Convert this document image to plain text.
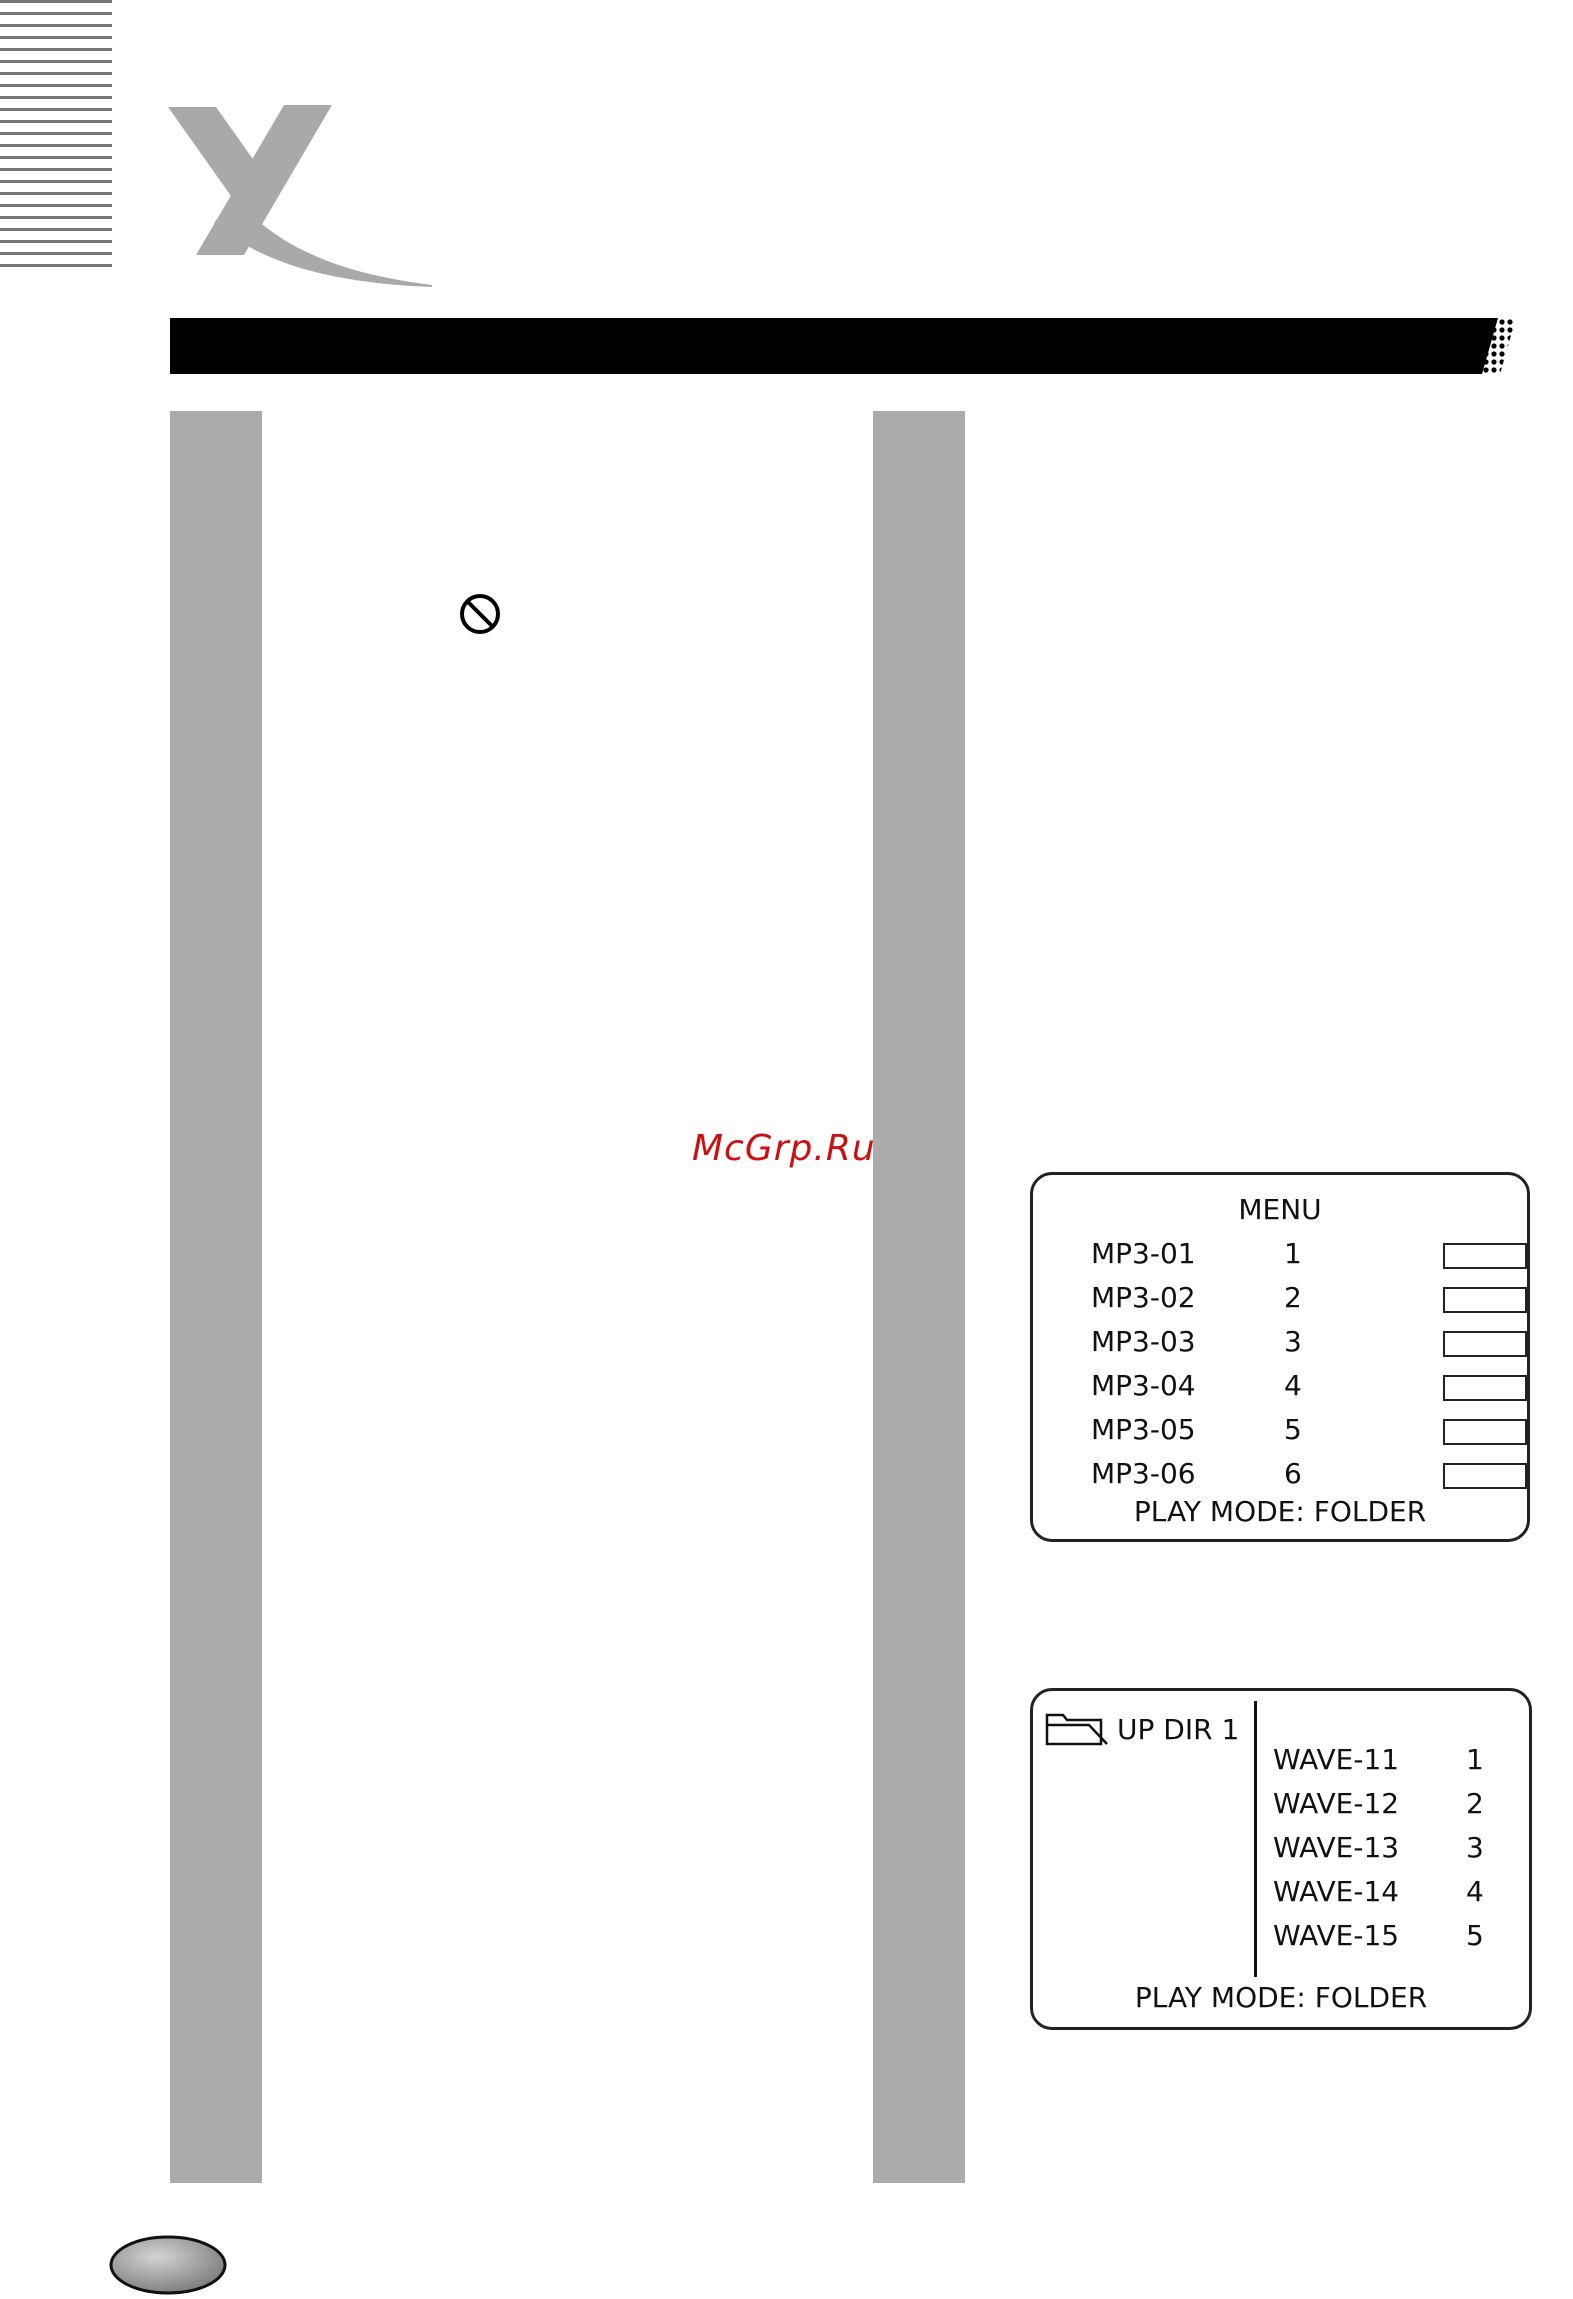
McGrp.Ru
MENU
MP3-01	1
MP3-02	2
MP3-03	3
MP3-04	4
MP3-05	5
MP3-06	6
PLAY MODE: FOLDER
UP DIR 1
WAVE-11 1
WAVE-12 2
WAVE-13 3
WAVE-14 4
WAVE-15 5
PLAY MODE: FOLDER
